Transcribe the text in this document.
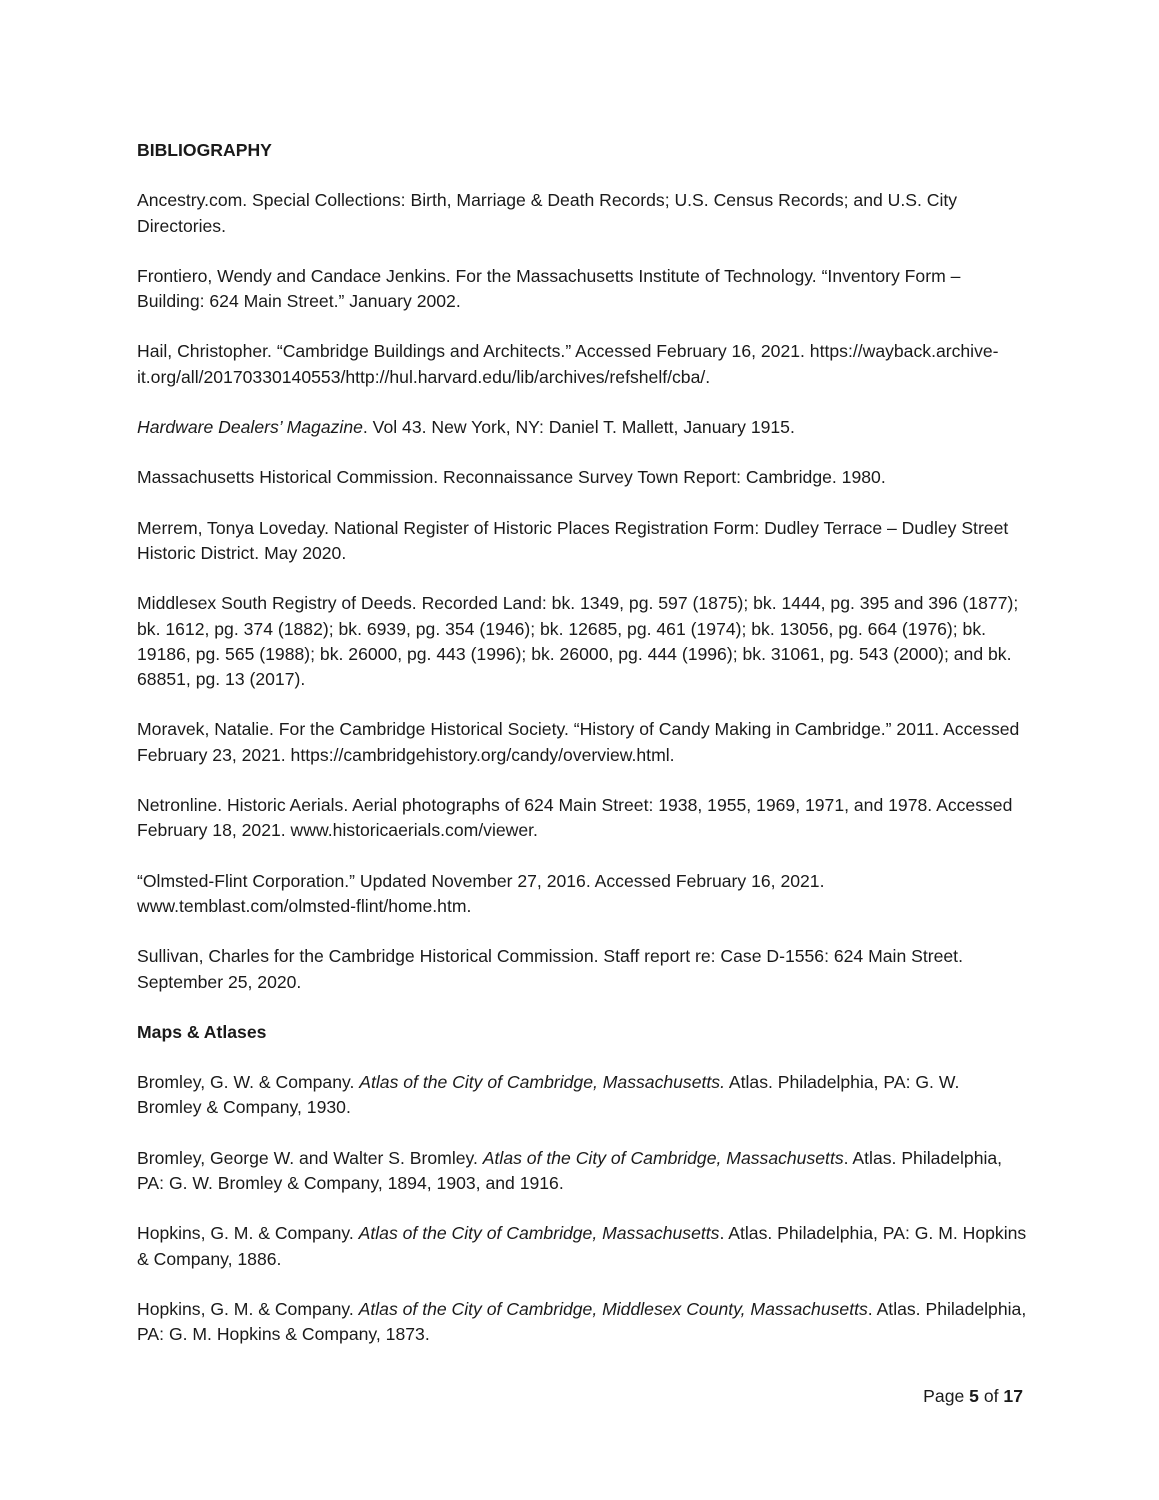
BIBLIOGRAPHY

Ancestry.com. Special Collections: Birth, Marriage & Death Records; U.S. Census Records; and U.S. City Directories.

Frontiero, Wendy and Candace Jenkins. For the Massachusetts Institute of Technology. “Inventory Form – Building: 624 Main Street.” January 2002.

Hail, Christopher. “Cambridge Buildings and Architects.” Accessed February 16, 2021. https://wayback.archive-it.org/all/20170330140553/http://hul.harvard.edu/lib/archives/refshelf/cba/.

Hardware Dealers’ Magazine. Vol 43. New York, NY: Daniel T. Mallett, January 1915.

Massachusetts Historical Commission. Reconnaissance Survey Town Report: Cambridge. 1980.

Merrem, Tonya Loveday. National Register of Historic Places Registration Form: Dudley Terrace – Dudley Street Historic District. May 2020.

Middlesex South Registry of Deeds. Recorded Land: bk. 1349, pg. 597 (1875); bk. 1444, pg. 395 and 396 (1877); bk. 1612, pg. 374 (1882); bk. 6939, pg. 354 (1946); bk. 12685, pg. 461 (1974); bk. 13056, pg. 664 (1976); bk. 19186, pg. 565 (1988); bk. 26000, pg. 443 (1996); bk. 26000, pg. 444 (1996); bk. 31061, pg. 543 (2000); and bk. 68851, pg. 13 (2017).

Moravek, Natalie. For the Cambridge Historical Society. “History of Candy Making in Cambridge.” 2011. Accessed February 23, 2021. https://cambridgehistory.org/candy/overview.html.

Netronline. Historic Aerials. Aerial photographs of 624 Main Street: 1938, 1955, 1969, 1971, and 1978. Accessed February 18, 2021. www.historicaerials.com/viewer.

“Olmsted-Flint Corporation.” Updated November 27, 2016. Accessed February 16, 2021. www.temblast.com/olmsted-flint/home.htm.

Sullivan, Charles for the Cambridge Historical Commission. Staff report re: Case D-1556: 624 Main Street. September 25, 2020.

Maps & Atlases

Bromley, G. W. & Company. Atlas of the City of Cambridge, Massachusetts. Atlas. Philadelphia, PA: G. W. Bromley & Company, 1930.

Bromley, George W. and Walter S. Bromley. Atlas of the City of Cambridge, Massachusetts. Atlas. Philadelphia, PA: G. W. Bromley & Company, 1894, 1903, and 1916.

Hopkins, G. M. & Company. Atlas of the City of Cambridge, Massachusetts. Atlas. Philadelphia, PA: G. M. Hopkins & Company, 1886.

Hopkins, G. M. & Company. Atlas of the City of Cambridge, Middlesex County, Massachusetts. Atlas. Philadelphia, PA: G. M. Hopkins & Company, 1873.

Page 5 of 17
